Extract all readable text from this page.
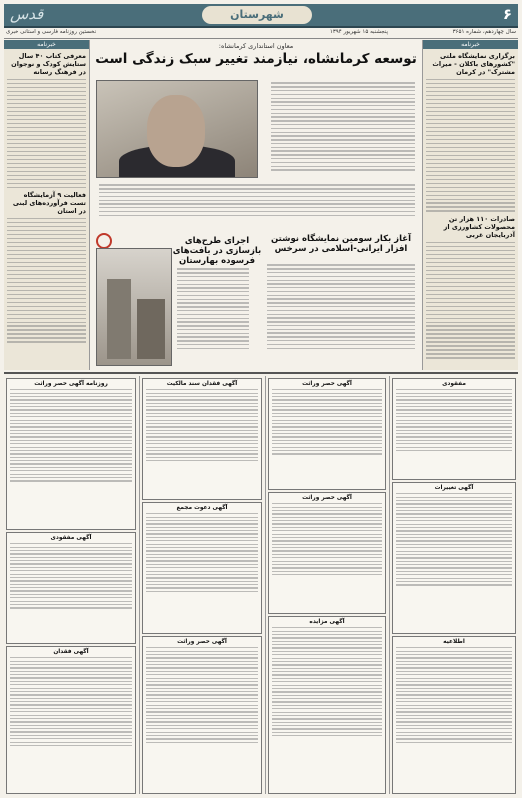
۶
شهرستان
قدس
سال چهاردهم، شماره ۳۶۵۱
پنجشنبه ۱۵ شهریور ۱۳۹۴
نخستین روزنامه فارسی و استانی خبری
خبرنامه
برگزاری نمایشگاه ملتی "کشورهای باکلان - میراث مشترک" در کرمان
صادرات ۱۱۰ هزار تن محصولات کشاورزی از آذربایجان غربی
خبرنامه
معرفی کتاب ۴۰ سال ستایش کودک و نوجوان در فرهنگ رسانه
فعالیت ۹ آزمایشگاه تست فرآورده‌های لبنی در استان
معاون استانداری کرمانشاه:
توسعه کرمانشاه، نیازمند تغییر سبک زندگی است
آغاز بکار سومین نمایشگاه نوشتن افزار ایرانی-اسلامی در سرخس
اجرای طرح‌های بازسازی در بافت‌های فرسوده بهارستان
مفقودی
آگهی تغییرات
اطلاعیه
آگهی حصر وراثت
آگهی حصر وراثت
آگهی مزایده
آگهی فقدان سند مالکیت
آگهی دعوت مجمع
آگهی حصر وراثت
روزنامه آگهی حصر وراثت
آگهی مفقودی
آگهی فقدان
